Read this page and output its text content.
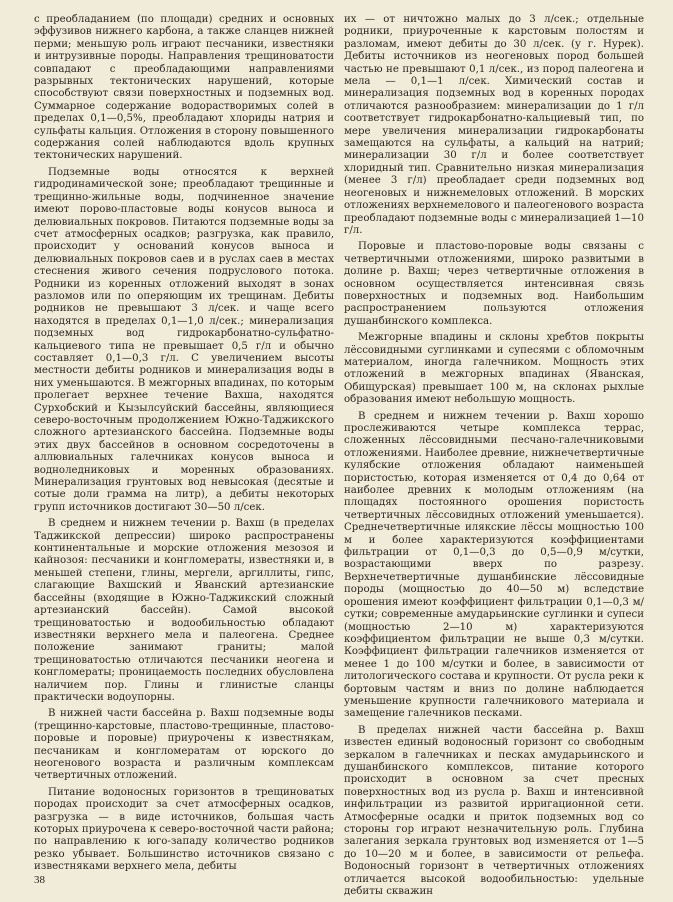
с преобладанием (по площади) средних и основных эффузивов нижнего карбона, а также сланцев нижней перми; меньшую роль играют песчаники, известняки и интрузивные породы. Направления трещиноватости совпадают с преобладающими направлениями разрывных тектонических нарушений, которые способствуют связи поверхностных и подземных вод. Суммарное содержание водорастворимых солей в пределах 0,1—0,5%, преобладают хлориды натрия и сульфаты кальция. Отложения в сторону повышенного содержания солей наблюдаются вдоль крупных тектонических нарушений.

Подземные воды относятся к верхней гидродинамической зоне; преобладают трещинные и трещинно-жильные воды, подчиненное значение имеют порово-пластовые воды конусов выноса и делювиальных покровов. Питаются подземные воды за счет атмосферных осадков; разгрузка, как правило, происходит у оснований конусов выноса и делювиальных покровов саев и в руслах саев в местах стеснения живого сечения подруслового потока. Родники из коренных отложений выходят в зонах разломов или по оперяющим их трещинам. Дебиты родников не превышают 3 л/сек. и чаще всего находятся в пределах 0,1—1,0 л/сек.; минерализация подземных вод гидрокарбонатно-сульфатно-кальциевого типа не превышает 0,5 г/л и обычно составляет 0,1—0,3 г/л. С увеличением высоты местности дебиты родников и минерализация воды в них уменьшаются. В межгорных впадинах, по которым пролегает верхнее течение Вахша, находятся Сурхобский и Кызылсуйский бассейны, являющиеся северо-восточным продолжением Южно-Таджикского сложного артезианского бассейна. Подземные воды этих двух бассейнов в основном сосредоточены в аллювиальных галечниках конусов выноса и водноледниковых и моренных образованиях. Минерализация грунтовых вод невысокая (десятые и сотые доли грамма на литр), а дебиты некоторых групп источников достигают 30—50 л/сек.

В среднем и нижнем течении р. Вахш (в пределах Таджикской депрессии) широко распространены континентальные и морские отложения мезозоя и кайнозоя: песчаники и конгломераты, известняки и, в меньшей степени, глины, мергели, аргиллиты, гипс, слагающие Вахшский и Яванский артезианские бассейны (входящие в Южно-Таджикский сложный артезианский бассейн). Самой высокой трещиноватостью и водообильностью обладают известняки верхнего мела и палеогена. Среднее положение занимают граниты; малой трещиноватостью отличаются песчаники неогена и конгломераты; проницаемость последних обусловлена наличием пор. Глины и глинистые сланцы практически водоупорны.

В нижней части бассейна р. Вахш подземные воды (трещинно-карстовые, пластово-трещинные, пластово-поровые и поровые) приурочены к известнякам, песчаникам и конгломератам от юрского до неогенового возраста и различным комплексам четвертичных отложений.

Питание водоносных горизонтов в трещиноватых породах происходит за счет атмосферных осадков, разгрузка — в виде источников, большая часть которых приурочена к северо-восточной части района; по направлению к юго-западу количество родников резко убывает. Большинство источников связано с известняками верхнего мела, дебиты

их — от ничтожно малых до 3 л/сек.; отдельные родники, приуроченные к карстовым полостям и разломам, имеют дебиты до 30 л/сек. (у г. Нурек). Дебиты источников из неогеновых пород большей частью не превышают 0,1 л/сек., из пород палеогена и мела — 0,1—1 л/сек. Химический состав и минерализация подземных вод в коренных породах отличаются разнообразием: минерализации до 1 г/л соответствует гидрокарбонатно-кальциевый тип, по мере увеличения минерализации гидрокарбонаты замещаются на сульфаты, а кальций на натрий; минерализации 30 г/л и более соответствует хлоридный тип. Сравнительно низкая минерализация (менее 3 г/л) преобладает среди подземных вод неогеновых и нижнемеловых отложений. В морских отложениях верхнемелового и палеогенового возраста преобладают подземные воды с минерализацией 1—10 г/л.

Поровые и пластово-поровые воды связаны с четвертичными отложениями, широко развитыми в долине р. Вахш; через четвертичные отложения в основном осуществляется интенсивная связь поверхностных и подземных вод. Наибольшим распространением пользуются отложения душанбинского комплекса.

Межгорные впадины и склоны хребтов покрыты лёссовидными суглинками и супесями с обломочным материалом, иногда галечником. Мощность этих отложений в межгорных впадинах (Яванская, Обищурская) превышает 100 м, на склонах рыхлые образования имеют небольшую мощность.

В среднем и нижнем течении р. Вахш хорошо прослеживаются четыре комплекса террас, сложенных лёссовидными песчано-галечниковыми отложениями. Наиболее древние, нижнечетвертичные кулябские отложения обладают наименьшей пористостью, которая изменяется от 0,4 до 0,64 от наиболее древних к молодым отложениям (на площадях постоянного орошения пористость четвертичных лёссовидных отложений уменьшается). Среднечетвертичные илякские лёссы мощностью 100 м и более характеризуются коэффициентами фильтрации от 0,1—0,3 до 0,5—0,9 м/сутки, возрастающими вверх по разрезу. Верхнечетвертичные душанбинские лёссовидные породы (мощностью до 40—50 м) вследствие орошения имеют коэффициент фильтрации 0,1—0,3 м/сутки; современные амударьинские суглинки и супеси (мощностью 2—10 м) характеризуются коэффициентом фильтрации не выше 0,3 м/сутки. Коэффициент фильтрации галечников изменяется от менее 1 до 100 м/сутки и более, в зависимости от литологического состава и крупности. От русла реки к бортовым частям и вниз по долине наблюдается уменьшение крупности галечникового материала и замещение галечников песками.

В пределах нижней части бассейна р. Вахш известен единый водоносный горизонт со свободным зеркалом в галечниках и песках амударьинского и душанбинского комплексов, питание которого происходит в основном за счет пресных поверхностных вод из русла р. Вахш и интенсивной инфильтрации из развитой ирригационной сети. Атмосферные осадки и приток подземных вод со стороны гор играют незначительную роль. Глубина залегания зеркала грунтовых вод изменяется от 1—5 до 10—20 м и более, в зависимости от рельефа. Водоносный горизонт в четвертичных отложениях отличается высокой водообильностью: удельные дебиты скважин

38
